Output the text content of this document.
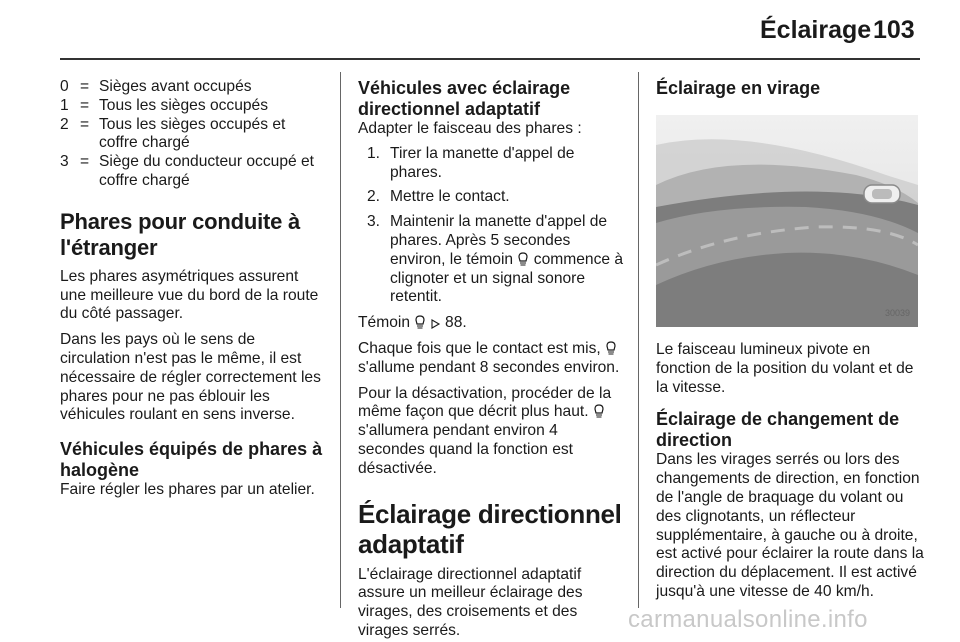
Éclairage 103
0 = Sièges avant occupés
1 = Tous les sièges occupés
2 = Tous les sièges occupés et coffre chargé
3 = Siège du conducteur occupé et coffre chargé
Phares pour conduite à l'étranger

Les phares asymétriques assurent une meilleure vue du bord de la route du côté passager.

Dans les pays où le sens de circulation n'est pas le même, il est nécessaire de régler correctement les phares pour ne pas éblouir les véhicules roulant en sens inverse.

Véhicules équipés de phares à halogène

Faire régler les phares par un atelier.

Véhicules avec éclairage directionnel adaptatif

Adapter le faisceau des phares :

1. Tirer la manette d'appel de phares.
2. Mettre le contact.
3. Maintenir la manette d'appel de phares. Après 5 secondes environ, le témoin commence à clignoter et un signal sonore retentit.

Témoin 88.

Chaque fois que le contact est mis,  s'allume pendant 8 secondes environ.

Pour la désactivation, procéder de la même façon que décrit plus haut.  s'allumera pendant environ 4 secondes quand la fonction est désactivée.

Éclairage directionnel adaptatif

L'éclairage directionnel adaptatif assure un meilleur éclairage des virages, des croisements et des virages serrés.

Éclairage en virage
30039

Le faisceau lumineux pivote en fonction de la position du volant et de la vitesse.

Éclairage de changement de direction

Dans les virages serrés ou lors des changements de direction, en fonction de l'angle de braquage du volant ou des clignotants, un réflecteur supplémentaire, à gauche ou à droite, est activé pour éclairer la route dans la direction du déplacement. Il est activé jusqu'à une vitesse de 40 km/h.

carmanualsonline.info
